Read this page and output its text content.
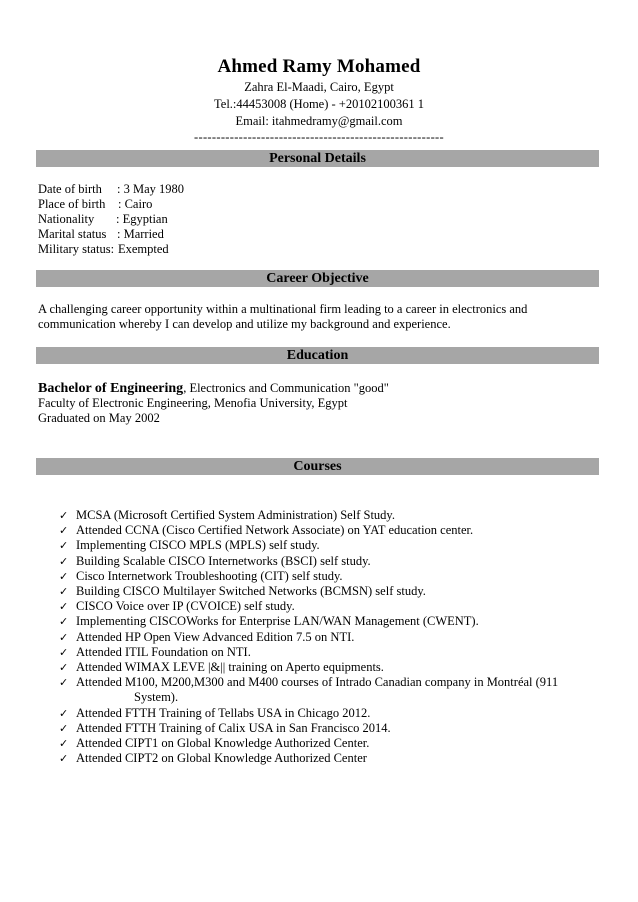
Ahmed Ramy Mohamed
Zahra El-Maadi, Cairo, Egypt
Tel.:44453008 (Home) - +20102100361 1
Email: itahmedramy@gmail.com
--------------------------------------------------------
Personal Details
Date of birth	: 3 May 1980
Place of birth	: Cairo
Nationality	: Egyptian
Marital status : Married
Military status: Exempted
Career Objective
A challenging career opportunity within a multinational firm leading to a career in electronics and
communication whereby I can develop and utilize my background and experience.
Education
Bachelor of Engineering, Electronics and Communication "good"
Faculty of Electronic Engineering, Menofia University, Egypt
Graduated on May 2002
Courses
✓ MCSA (Microsoft Certified System Administration) Self Study.
✓ Attended CCNA (Cisco Certified Network Associate) on YAT education center.
✓ Implementing CISCO MPLS (MPLS) self study.
✓ Building Scalable CISCO Internetworks (BSCI) self study.
✓ Cisco Internetwork Troubleshooting (CIT) self study.
✓ Building CISCO Multilayer Switched Networks (BCMSN) self study.
✓ CISCO Voice over IP (CVOICE) self study.
✓ Implementing CISCOWorks for Enterprise LAN/WAN Management (CWENT).
✓ Attended HP Open View Advanced Edition 7.5 on NTI.
✓ Attended ITIL Foundation on NTI.
✓ Attended WIMAX LEVE |&|| training on Aperto equipments.
✓ Attended M100, M200,M300 and M400 courses of Intrado Canadian company in Montréal (911
System).
✓ Attended FTTH Training of Tellabs USA in Chicago 2012.
✓ Attended FTTH Training of Calix USA in San Francisco 2014.
✓ Attended CIPT1 on Global Knowledge Authorized Center.
✓ Attended CIPT2 on Global Knowledge Authorized Center
